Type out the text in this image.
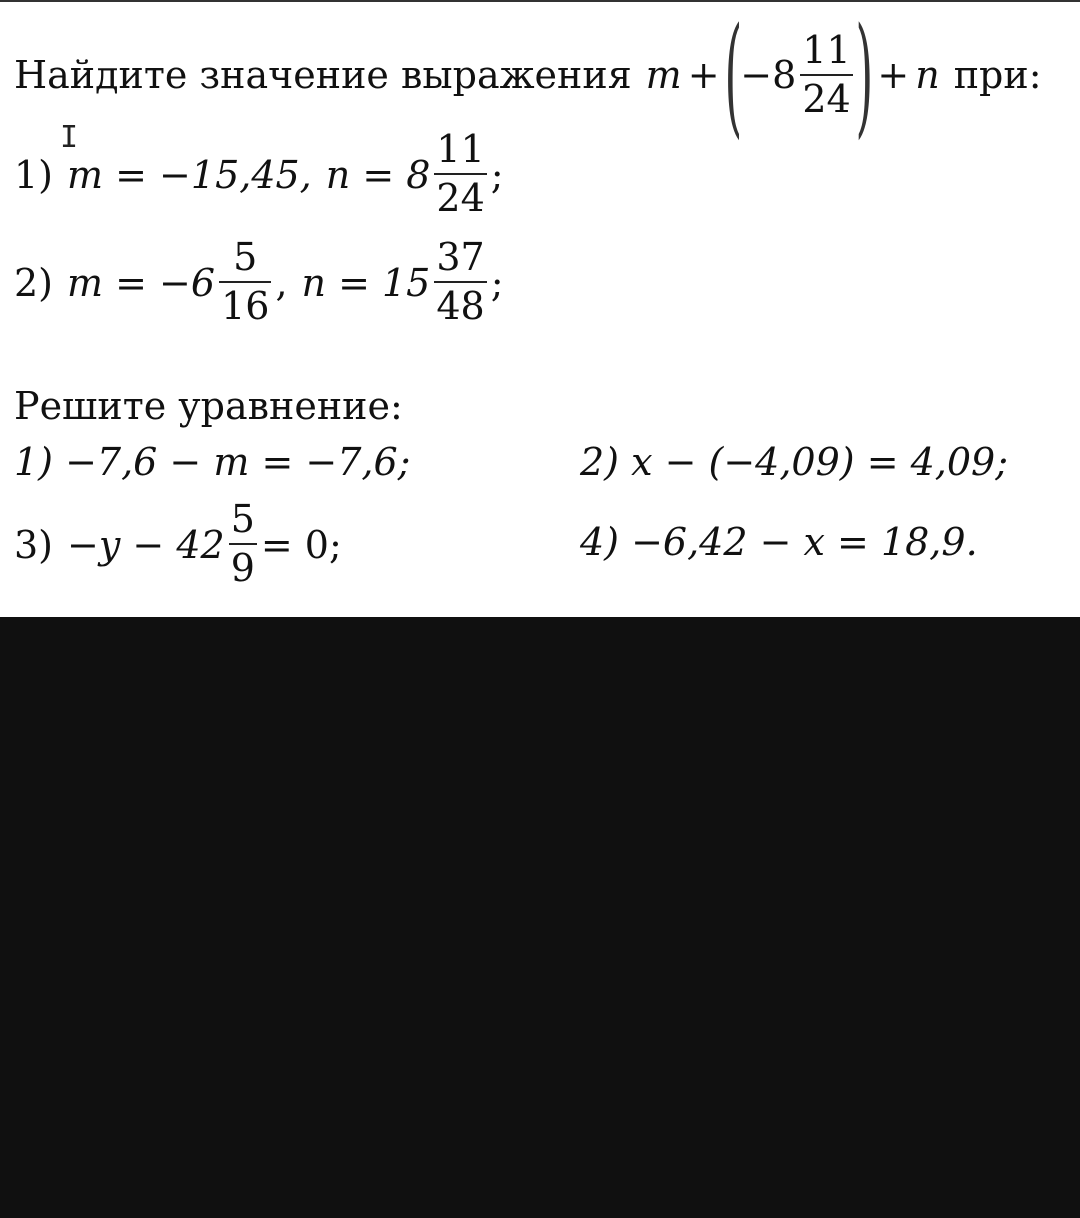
Найдите значение выражения m + (
$-8 \frac{11}{24}$ ) + n при:
I
1) m = −15,45, $n = 8 \frac{11}{24}$ ;
2) $m = -6 \frac{5}{16}$ , $n = 15 \frac{37}{48}$ ;
Решите уравнение:
1) −7,6 − m = −7,6;	2) x − (−4,09) = 4,09;
$3) -y - 42 \frac{5}{9} = 0$;	4) −6,42 − x = 18,9.
